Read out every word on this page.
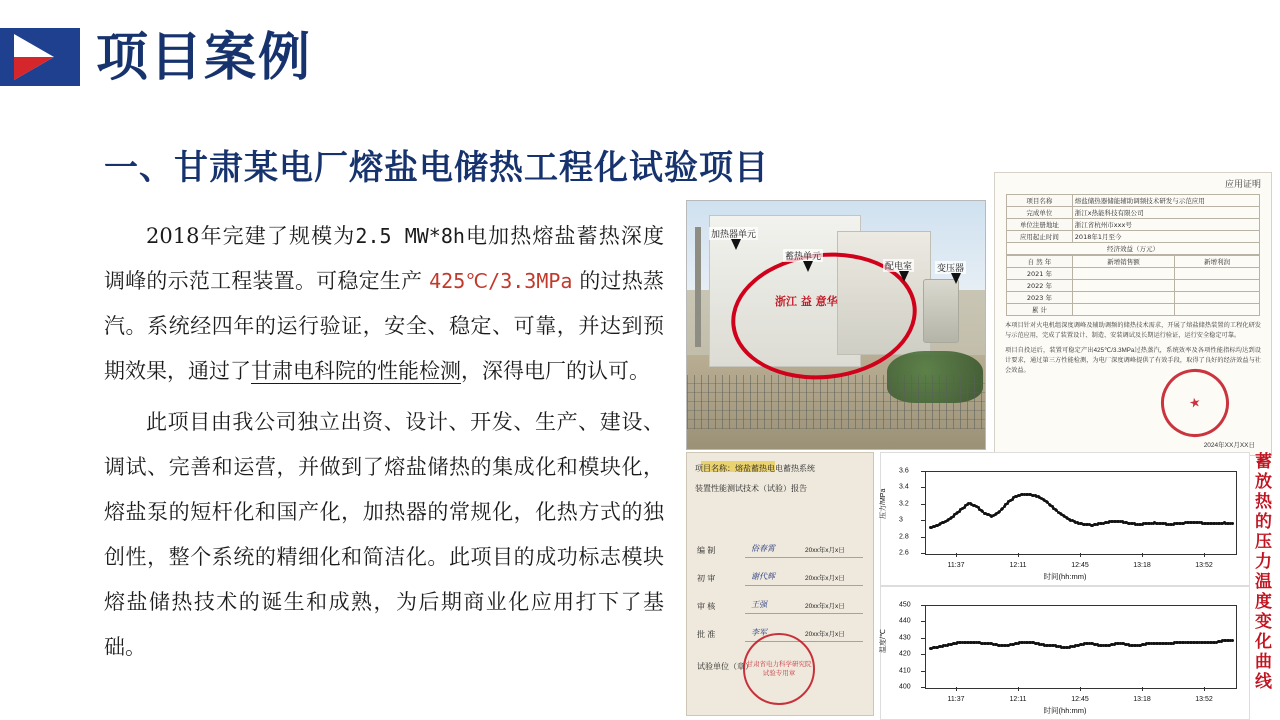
项目案例
一、甘肃某电厂熔盐电储热工程化试验项目

2018年完建了规模为2.5 MW*8h电加热熔盐蓄热深度调峰的示范工程装置。可稳定生产 425℃/3.3MPa 的过热蒸汽。系统经四年的运行验证，安全、稳定、可靠，并达到预期效果，通过了甘肃电科院的性能检测，深得电厂的认可。

此项目由我公司独立出资、设计、开发、生产、建设、调试、完善和运营，并做到了熔盐储热的集成化和模块化，熔盐泵的短杆化和国产化，加热器的常规化，化热方式的独创性，整个系统的精细化和简洁化。此项目的成功标志模块熔盐储热技术的诞生和成熟，为后期商业化应用打下了基础。

浙江 益 意华
加热器单元
蓄热单元
配电室	变压器
应用证明
项目名称	熔盐储热器储能辅助调频技术研发与示范应用
完成单位	浙江x热能科技有限公司
单位注册地址	浙江省杭州市xxx号
应用起止时间	2018年1月至今
经济效益（万元）	
自 然 年	新增销售额	新增利润
2021 年		
2022 年		
2023 年		
累 计		
本项目针对火电机组深度调峰及辅助调频的储热技术需求，开展了熔盐储热装置的工程化研发与示范应用，完成了装置设计、制造、安装调试及长期运行验证，运行安全稳定可靠。
项目自投运后，装置可稳定产出425℃/3.3MPa过热蒸汽，系统效率及各项性能指标均达到设计要求，通过第三方性能检测，为电厂深度调峰提供了有效手段，取得了良好的经济效益与社会效益。
★
2024年XX月XX日
项目名称：熔盐蓄热电电蓄热系统
装置性能测试技术（试验）报告
编 制	俗春霄	20xx年x月x日
初 审	谢代辉	20xx年x月x日
审 核	王强	20xx年x月x日
批 准	李军	20xx年x月x日
试验单位（章）
甘肃省电力科学研究院 试验专用章
压力/MPa
时间(hh:mm)
2.6
2.8
3
3.2
3.4
3.6
11:37	12:11	12:45	13:18	13:52
温度/℃
时间(hh:mm)
400
410
420
430
440
450
11:37	12:11	12:45	13:18	13:52
蓄放热的压力温度变化曲线
